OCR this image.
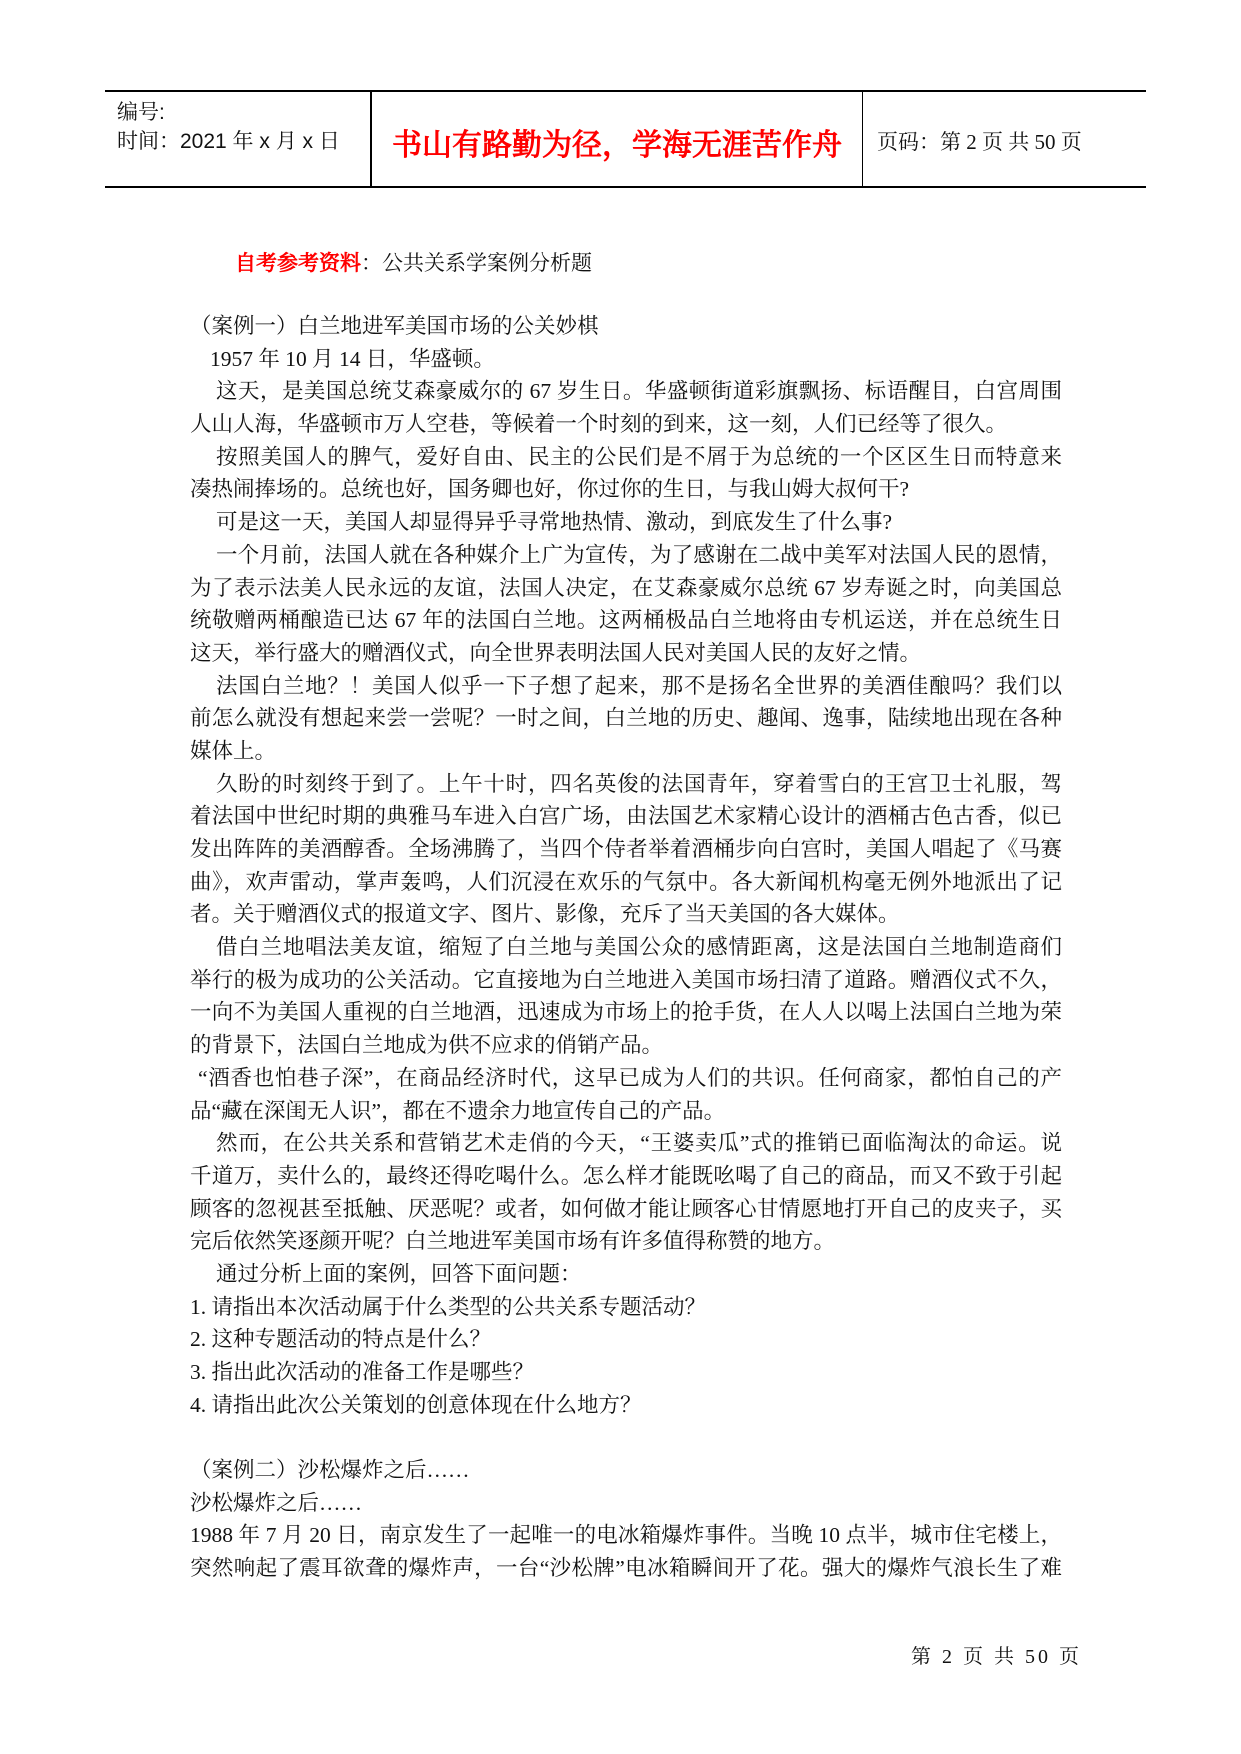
编号:
时间：2021 年 x 月 x 日	书山有路勤为径，学海无涯苦作舟	页码：第 2 页 共 50 页
自考参考资料：公共关系学案例分析题
（案例一）白兰地进军美国市场的公关妙棋
1957 年 10 月 14 日，华盛顿。
这天，是美国总统艾森豪威尔的 67 岁生日。华盛顿街道彩旗飘扬、标语醒目，白宫周围
人山人海，华盛顿市万人空巷，等候着一个时刻的到来，这一刻，人们已经等了很久。
按照美国人的脾气，爱好自由、民主的公民们是不屑于为总统的一个区区生日而特意来
凑热闹捧场的。总统也好，国务卿也好，你过你的生日，与我山姆大叔何干?
可是这一天，美国人却显得异乎寻常地热情、激动，到底发生了什么事?
一个月前，法国人就在各种媒介上广为宣传，为了感谢在二战中美军对法国人民的恩情，
为了表示法美人民永远的友谊，法国人决定，在艾森豪威尔总统 67 岁寿诞之时，向美国总
统敬赠两桶酿造已达 67 年的法国白兰地。这两桶极品白兰地将由专机运送，并在总统生日
这天，举行盛大的赠酒仪式，向全世界表明法国人民对美国人民的友好之情。
法国白兰地？！美国人似乎一下子想了起来，那不是扬名全世界的美酒佳酿吗？我们以
前怎么就没有想起来尝一尝呢？一时之间，白兰地的历史、趣闻、逸事，陆续地出现在各种
媒体上。
久盼的时刻终于到了。上午十时，四名英俊的法国青年，穿着雪白的王宫卫士礼服，驾
着法国中世纪时期的典雅马车进入白宫广场，由法国艺术家精心设计的酒桶古色古香，似已
发出阵阵的美酒醇香。全场沸腾了，当四个侍者举着酒桶步向白宫时，美国人唱起了《马赛
曲》，欢声雷动，掌声轰鸣，人们沉浸在欢乐的气氛中。各大新闻机构毫无例外地派出了记
者。关于赠酒仪式的报道文字、图片、影像，充斥了当天美国的各大媒体。
借白兰地唱法美友谊，缩短了白兰地与美国公众的感情距离，这是法国白兰地制造商们
举行的极为成功的公关活动。它直接地为白兰地进入美国市场扫清了道路。赠酒仪式不久，
一向不为美国人重视的白兰地酒，迅速成为市场上的抢手货，在人人以喝上法国白兰地为荣
的背景下，法国白兰地成为供不应求的俏销产品。
“酒香也怕巷子深”，在商品经济时代，这早已成为人们的共识。任何商家，都怕自己的产
品“藏在深闺无人识”，都在不遗余力地宣传自己的产品。
然而，在公共关系和营销艺术走俏的今天，“王婆卖瓜”式的推销已面临淘汰的命运。说
千道万，卖什么的，最终还得吃喝什么。怎么样才能既吆喝了自己的商品，而又不致于引起
顾客的忽视甚至抵触、厌恶呢？或者，如何做才能让顾客心甘情愿地打开自己的皮夹子，买
完后依然笑逐颜开呢？白兰地进军美国市场有许多值得称赞的地方。
通过分析上面的案例，回答下面问题：
1. 请指出本次活动属于什么类型的公共关系专题活动？
2. 这种专题活动的特点是什么？
3. 指出此次活动的准备工作是哪些？
4. 请指出此次公关策划的创意体现在什么地方？
（案例二）沙松爆炸之后……
沙松爆炸之后……
1988 年 7 月 20 日，南京发生了一起唯一的电冰箱爆炸事件。当晚 10 点半，城市住宅楼上，
突然响起了震耳欲聋的爆炸声，一台“沙松牌”电冰箱瞬间开了花。强大的爆炸气浪长生了难
第 2 页 共 50 页
